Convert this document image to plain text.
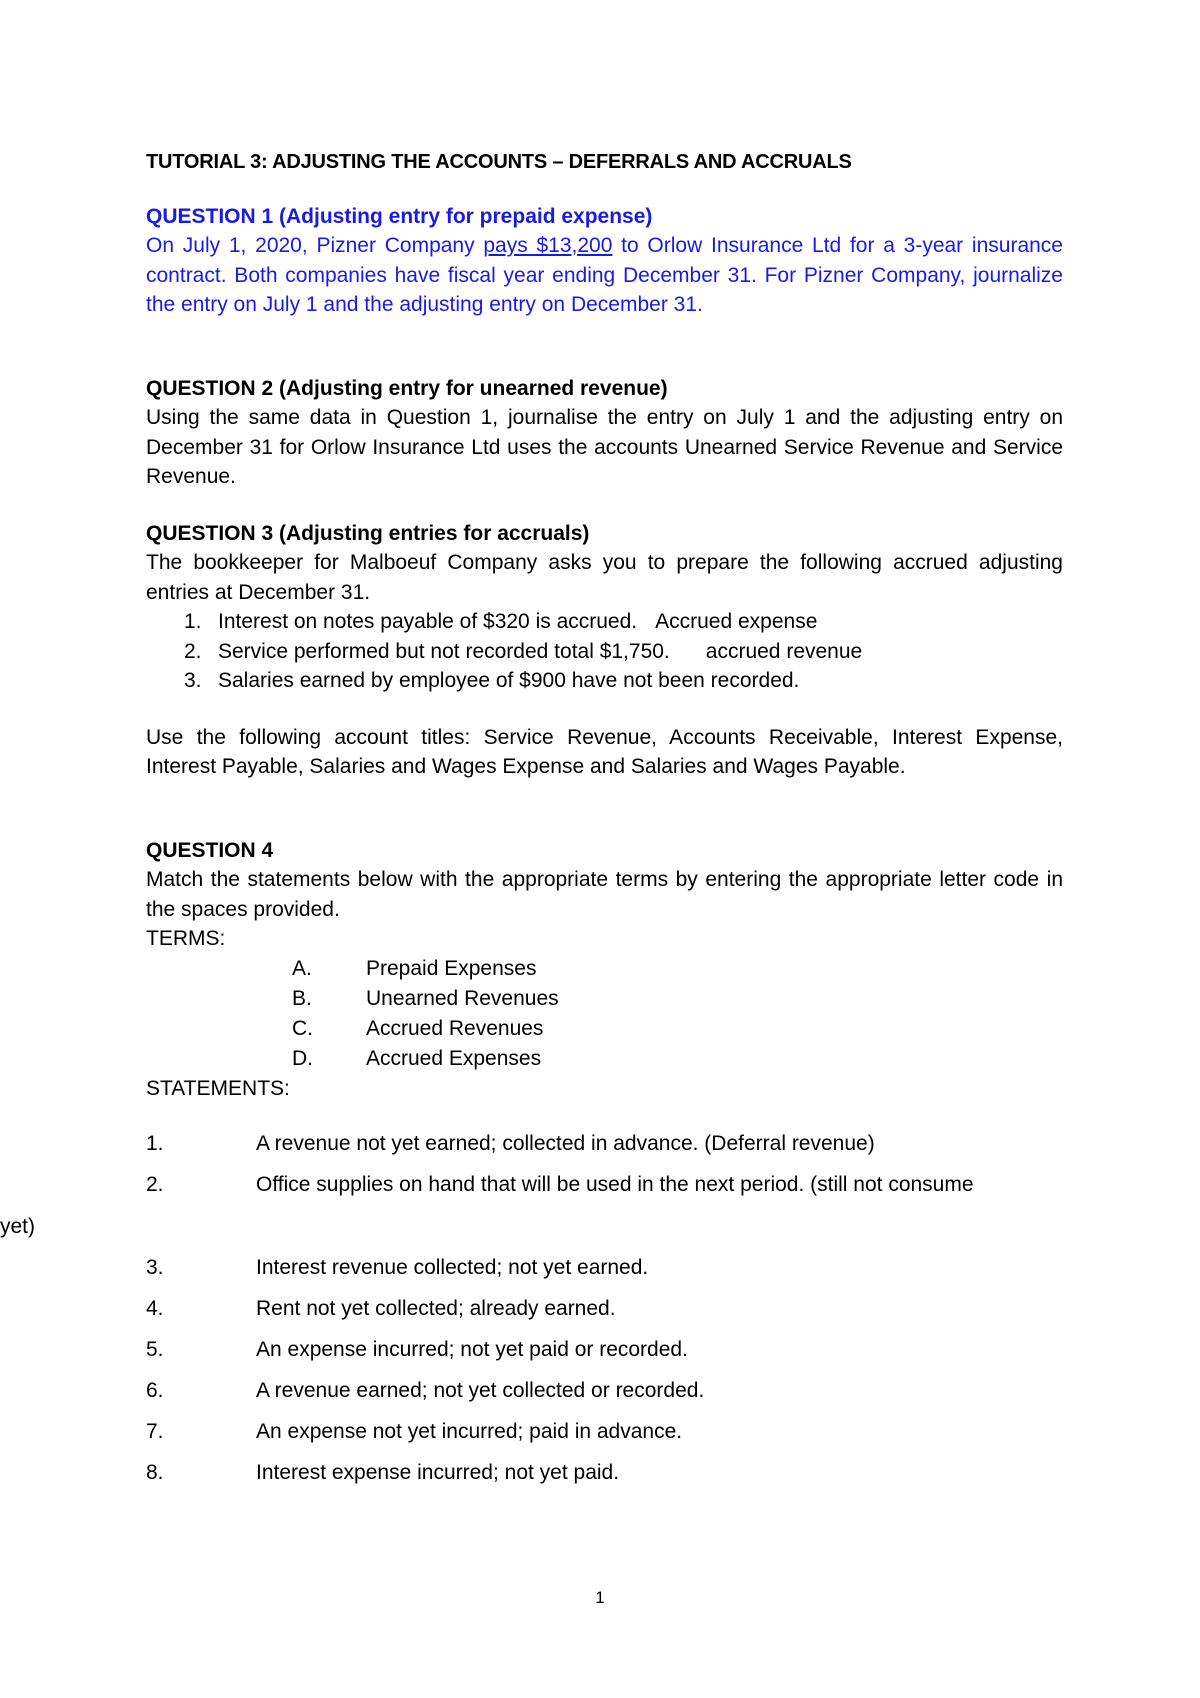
TUTORIAL 3: ADJUSTING THE ACCOUNTS – DEFERRALS AND ACCRUALS

QUESTION 1 (Adjusting entry for prepaid expense)

On July 1, 2020, Pizner Company pays $13,200 to Orlow Insurance Ltd for a 3-year insurance contract. Both companies have fiscal year ending December 31. For Pizner Company, journalize the entry on July 1 and the adjusting entry on December 31.

QUESTION 2 (Adjusting entry for unearned revenue)

Using the same data in Question 1, journalise the entry on July 1 and the adjusting entry on December 31 for Orlow Insurance Ltd uses the accounts Unearned Service Revenue and Service Revenue.

QUESTION 3 (Adjusting entries for accruals)

The bookkeeper for Malboeuf Company asks you to prepare the following accrued adjusting entries at December 31.

1. Interest on notes payable of $320 is accrued. Accrued expense
2. Service performed but not recorded total $1,750. accrued revenue
3. Salaries earned by employee of $900 have not been recorded.

Use the following account titles: Service Revenue, Accounts Receivable, Interest Expense, Interest Payable, Salaries and Wages Expense and Salaries and Wages Payable.

QUESTION 4

Match the statements below with the appropriate terms by entering the appropriate letter code in the spaces provided.

TERMS:

A.	Prepaid Expenses
B.	Unearned Revenues
C.	Accrued Revenues
D.	Accrued Expenses

STATEMENTS:

1.	A revenue not yet earned; collected in advance. (Deferral revenue)
2.	Office supplies on hand that will be used in the next period. (still not consume
yet)
3.	Interest revenue collected; not yet earned.
4.	Rent not yet collected; already earned.
5.	An expense incurred; not yet paid or recorded.
6.	A revenue earned; not yet collected or recorded.
7.	An expense not yet incurred; paid in advance.
8.	Interest expense incurred; not yet paid.
1
